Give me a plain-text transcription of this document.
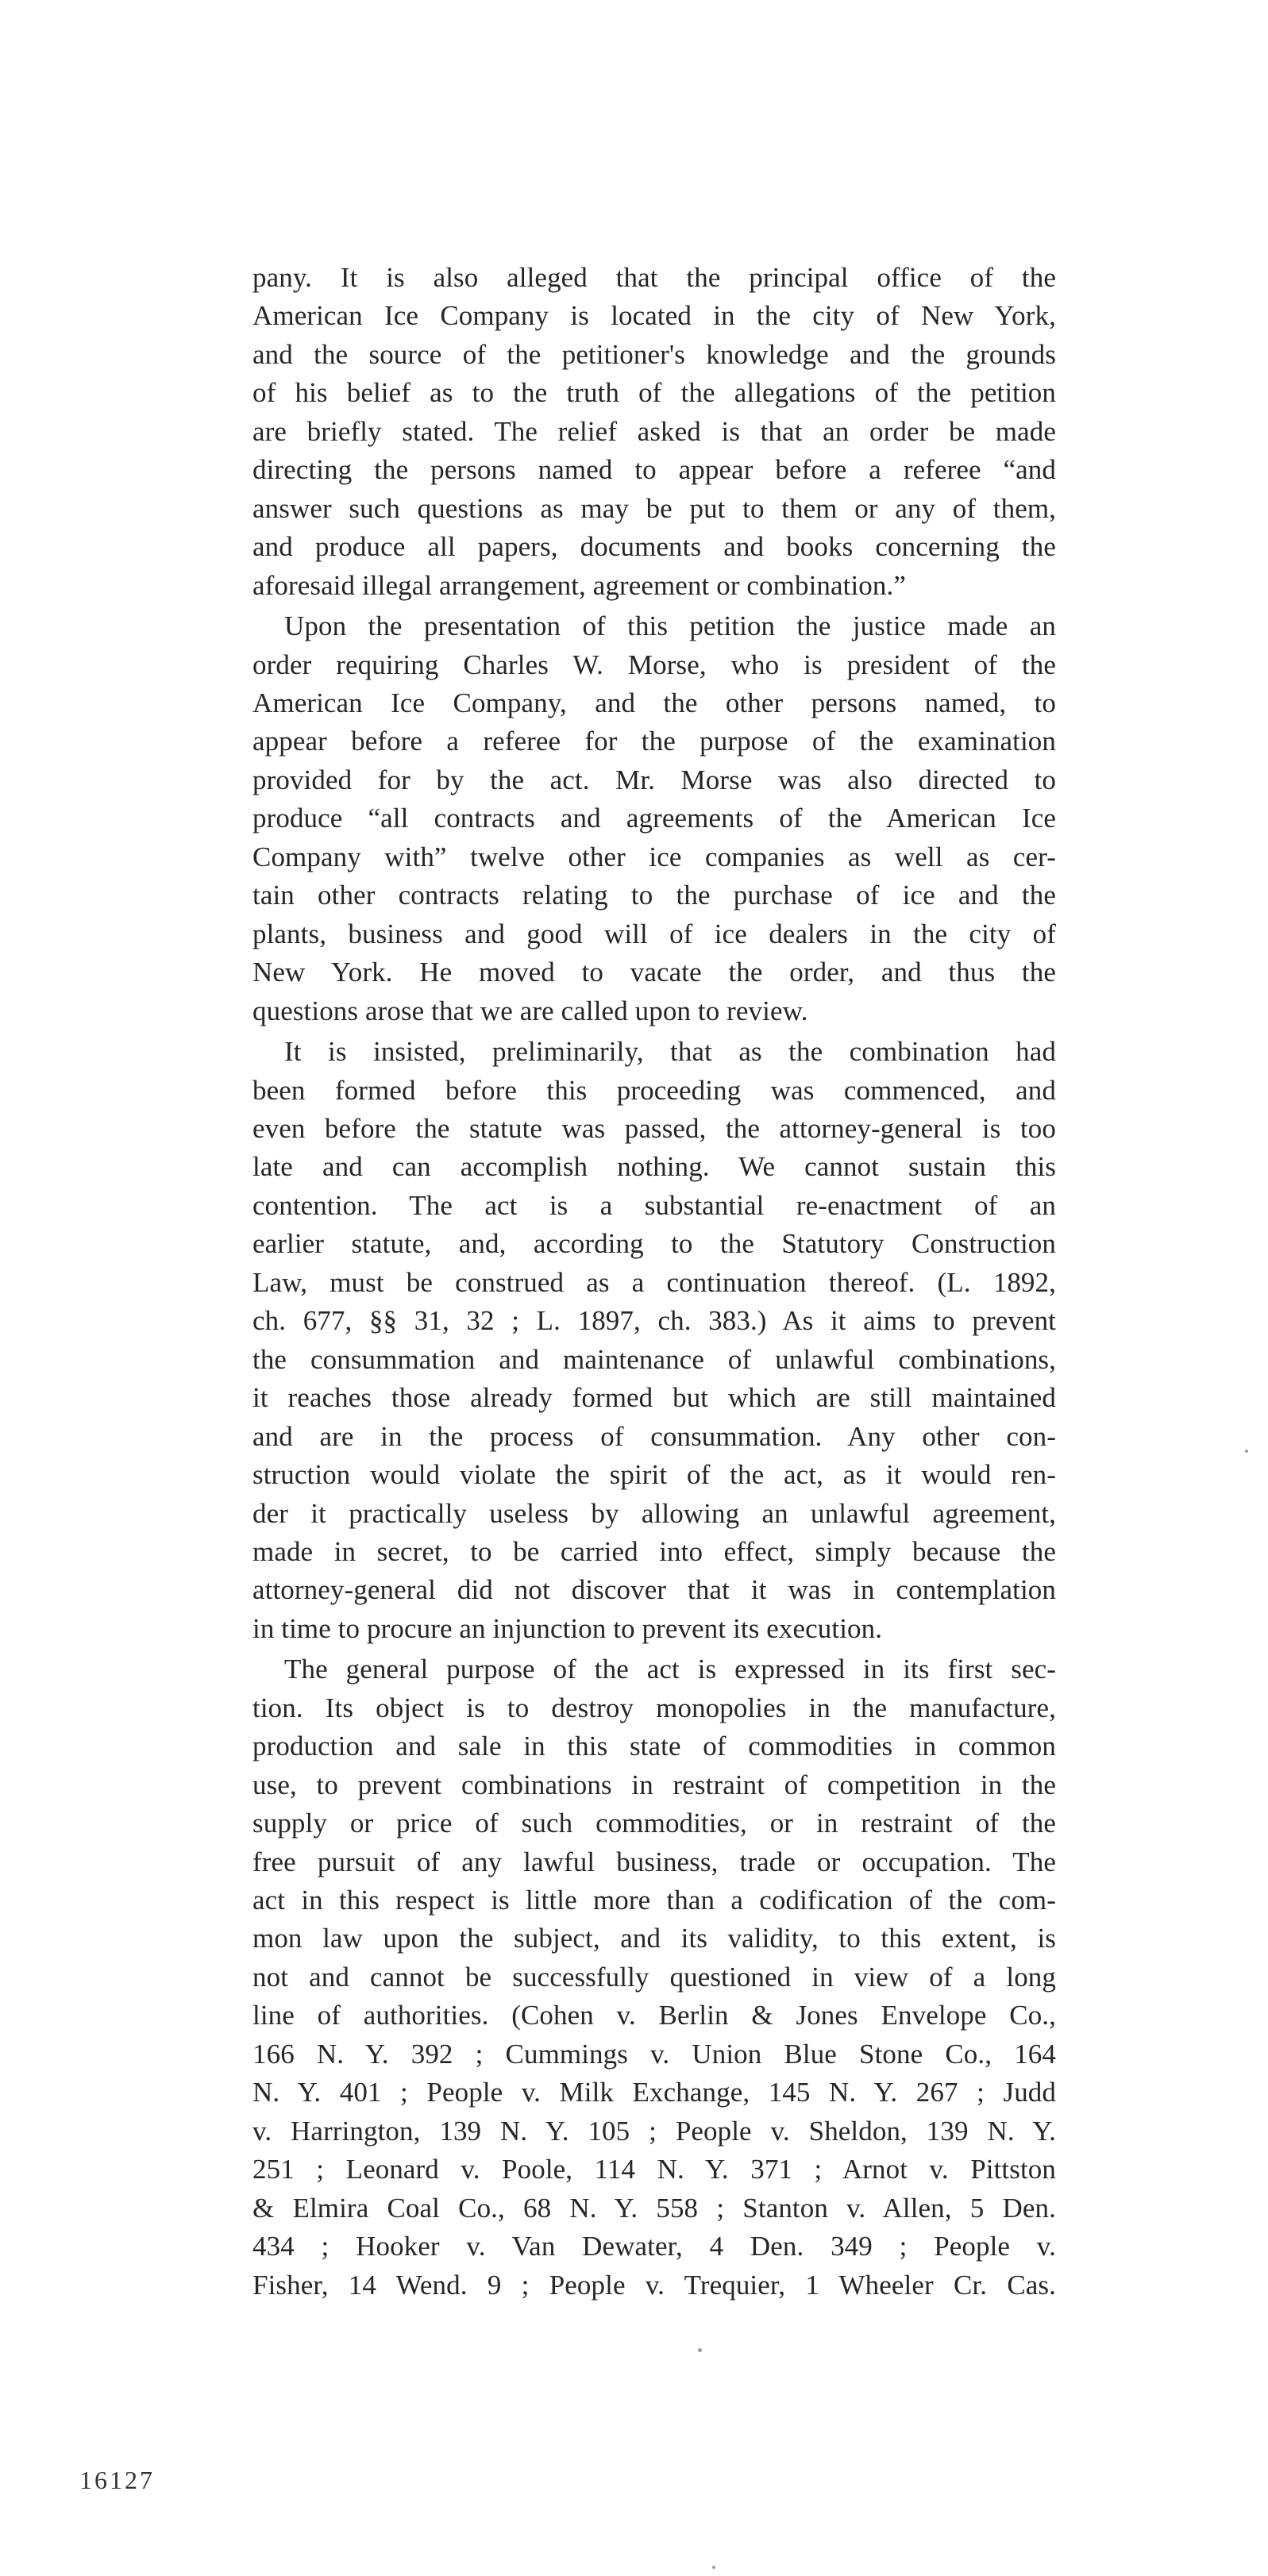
pany. It is also alleged that the principal office of the
American Ice Company is located in the city of New York,
and the source of the petitioner's knowledge and the grounds
of his belief as to the truth of the allegations of the petition
are briefly stated. The relief asked is that an order be made
directing the persons named to appear before a referee “and
answer such questions as may be put to them or any of them,
and produce all papers, documents and books concerning the
aforesaid illegal arrangement, agreement or combination.”
Upon the presentation of this petition the justice made an
order requiring Charles W. Morse, who is president of the
American Ice Company, and the other persons named, to
appear before a referee for the purpose of the examination
provided for by the act. Mr. Morse was also directed to
produce “all contracts and agreements of the American Ice
Company with” twelve other ice companies as well as cer-
tain other contracts relating to the purchase of ice and the
plants, business and good will of ice dealers in the city of
New York. He moved to vacate the order, and thus the
questions arose that we are called upon to review.
It is insisted, preliminarily, that as the combination had
been formed before this proceeding was commenced, and
even before the statute was passed, the attorney-general is too
late and can accomplish nothing. We cannot sustain this
contention. The act is a substantial re-enactment of an
earlier statute, and, according to the Statutory Construction
Law, must be construed as a continuation thereof. (L. 1892,
ch. 677, §§ 31, 32 ; L. 1897, ch. 383.) As it aims to prevent
the consummation and maintenance of unlawful combinations,
it reaches those already formed but which are still maintained
and are in the process of consummation. Any other con-
struction would violate the spirit of the act, as it would ren-
der it practically useless by allowing an unlawful agreement,
made in secret, to be carried into effect, simply because the
attorney-general did not discover that it was in contemplation
in time to procure an injunction to prevent its execution.
The general purpose of the act is expressed in its first sec-
tion. Its object is to destroy monopolies in the manufacture,
production and sale in this state of commodities in common
use, to prevent combinations in restraint of competition in the
supply or price of such commodities, or in restraint of the
free pursuit of any lawful business, trade or occupation. The
act in this respect is little more than a codification of the com-
mon law upon the subject, and its validity, to this extent, is
not and cannot be successfully questioned in view of a long
line of authorities. (Cohen v. Berlin & Jones Envelope Co.,
166 N. Y. 392 ; Cummings v. Union Blue Stone Co., 164
N. Y. 401 ; People v. Milk Exchange, 145 N. Y. 267 ; Judd
v. Harrington, 139 N. Y. 105 ; People v. Sheldon, 139 N. Y.
251 ; Leonard v. Poole, 114 N. Y. 371 ; Arnot v. Pittston
& Elmira Coal Co., 68 N. Y. 558 ; Stanton v. Allen, 5 Den.
434 ; Hooker v. Van Dewater, 4 Den. 349 ; People v.
Fisher, 14 Wend. 9 ; People v. Trequier, 1 Wheeler Cr. Cas.
16127
